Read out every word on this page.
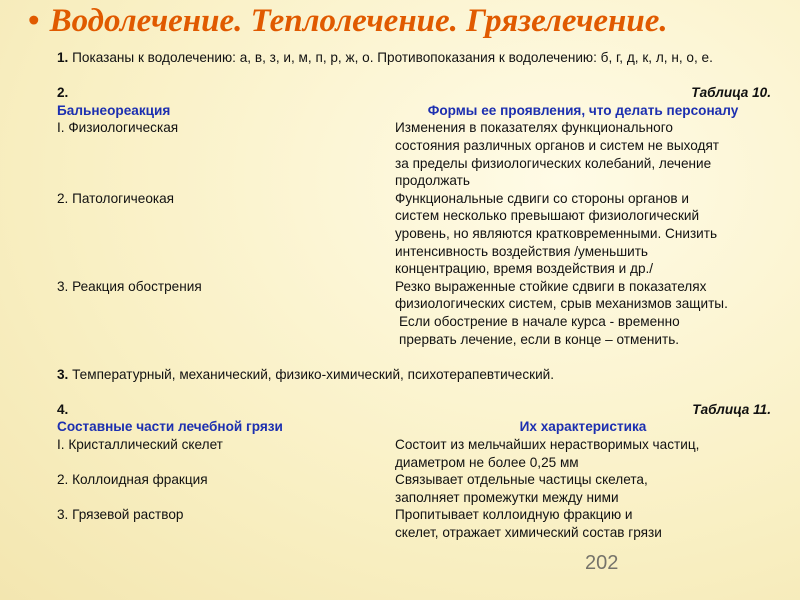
• Водолечение. Теплолечение. Грязелечение.

1. Показаны к водолечению: а, в, з, и, м, п, р, ж, о. Противопоказания к водолечению: б, г, д, к, л, н, о, е.

2.	Таблица 10.
Бальнеореакция	Формы ее проявления, что делать персоналу
I. Физиологическая	Изменения в показателях функционального
состояния различных органов и систем не выходят
за пределы физиологических колебаний, лечение
продолжать
2. Патологичеокая	Функциональные сдвиги со стороны органов и
систем несколько превышают физиологический
уровень, но являются кратковременными. Снизить
интенсивность воздействия /уменьшить
концентрацию, время воздействия и др./
3. Реакция обострения	Резко выраженные стойкие сдвиги в показателях
физиологических систем, срыв механизмов защиты.
Если обострение в начале курса - временно
прервать лечение, если в конце – отменить.

3. Температурный, механический, физико-химический, психотерапевтический.

4.	Таблица 11.
Составные части лечебной грязи	Их характеристика
I. Кристаллический скелет	Состоит из мельчайших нерастворимых частиц,
диаметром не более 0,25 мм
2. Коллоидная фракция	Связывает отдельные частицы скелета,
заполняет промежутки между ними
3. Грязевой раствор	Пропитывает коллоидную фракцию и
скелет, отражает химический состав грязи
202
